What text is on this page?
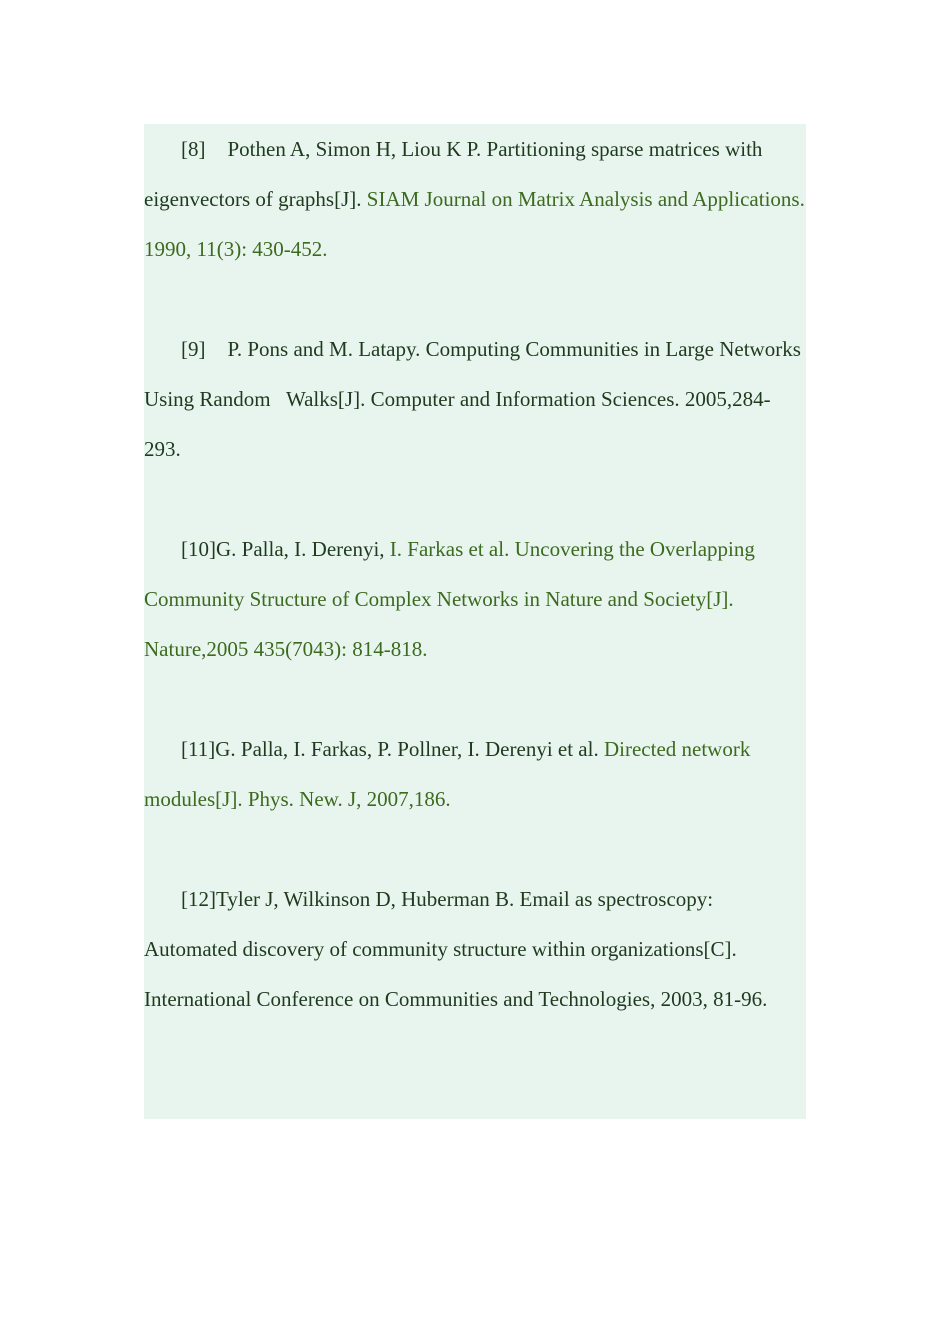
[8] Pothen A, Simon H, Liou K P. Partitioning sparse matrices with eigenvectors of graphs[J]. SIAM Journal on Matrix Analysis and Applications. 1990, 11(3): 430-452.

[9] P. Pons and M. Latapy. Computing Communities in Large Networks Using Random Walks[J]. Computer and Information Sciences. 2005,284-293.

[10]G. Palla, I. Derenyi, I. Farkas et al. Uncovering the Overlapping Community Structure of Complex Networks in Nature and Society[J]. Nature,2005 435(7043): 814-818.

[11]G. Palla, I. Farkas, P. Pollner, I. Derenyi et al. Directed network modules[J]. Phys. New. J, 2007,186.

[12]Tyler J, Wilkinson D, Huberman B. Email as spectroscopy: Automated discovery of community structure within organizations[C]. International Conference on Communities and Technologies, 2003, 81-96.
